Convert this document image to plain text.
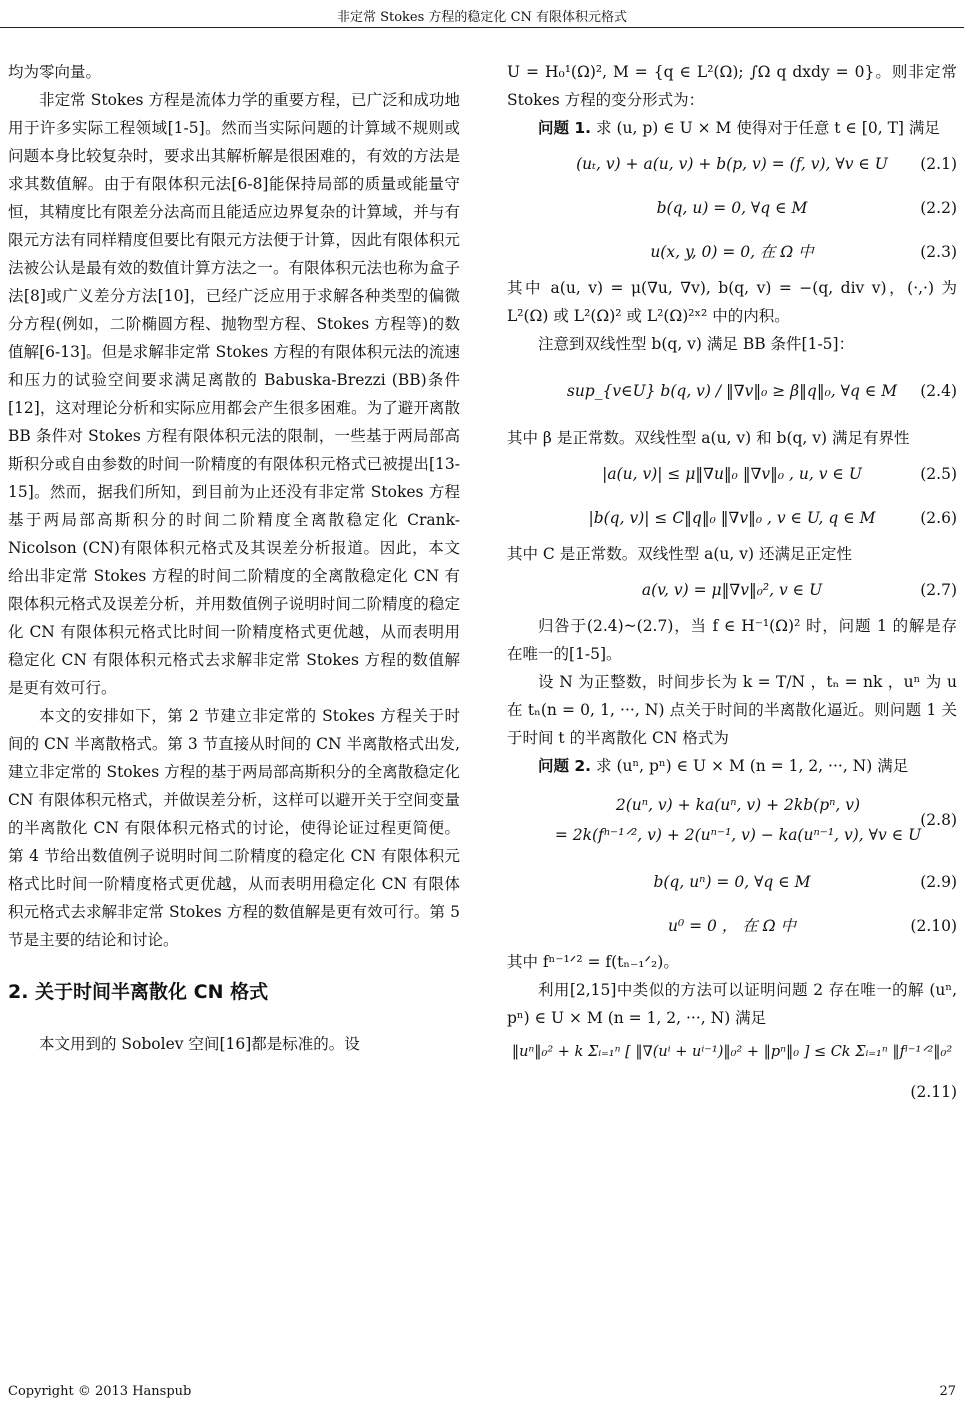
非定常 Stokes 方程的稳定化 CN 有限体积元格式

均为零向量。

非定常 Stokes 方程是流体力学的重要方程，已广泛和成功地用于许多实际工程领域[1-5]。然而当实际问题的计算域不规则或问题本身比较复杂时，要求出其解析解是很困难的，有效的方法是求其数值解。由于有限体积元法[6-8]能保持局部的质量或能量守恒，其精度比有限差分法高而且能适应边界复杂的计算域，并与有限元方法有同样精度但要比有限元方法便于计算，因此有限体积元法被公认是最有效的数值计算方法之一。有限体积元法也称为盒子法[8]或广义差分方法[10]，已经广泛应用于求解各种类型的偏微分方程(例如，二阶椭圆方程、抛物型方程、Stokes 方程等)的数值解[6-13]。但是求解非定常 Stokes 方程的有限体积元法的流速和压力的试验空间要求满足离散的 Babuska-Brezzi (BB)条件[12]，这对理论分析和实际应用都会产生很多困难。为了避开离散 BB 条件对 Stokes 方程有限体积元法的限制，一些基于两局部高斯积分或自由参数的时间一阶精度的有限体积元格式已被提出[13-15]。然而，据我们所知，到目前为止还没有非定常 Stokes 方程基于两局部高斯积分的时间二阶精度全离散稳定化 Crank-Nicolson (CN)有限体积元格式及其误差分析报道。因此，本文给出非定常 Stokes 方程的时间二阶精度的全离散稳定化 CN 有限体积元格式及误差分析，并用数值例子说明时间二阶精度的稳定化 CN 有限体积元格式比时间一阶精度格式更优越，从而表明用稳定化 CN 有限体积元格式去求解非定常 Stokes 方程的数值解是更有效可行。

本文的安排如下，第 2 节建立非定常的 Stokes 方程关于时间的 CN 半离散格式。第 3 节直接从时间的 CN 半离散格式出发, 建立非定常的 Stokes 方程的基于两局部高斯积分的全离散稳定化 CN 有限体积元格式，并做误差分析，这样可以避开关于空间变量的半离散化 CN 有限体积元格式的讨论，使得论证过程更简便。第 4 节给出数值例子说明时间二阶精度的稳定化 CN 有限体积元格式比时间一阶精度格式更优越，从而表明用稳定化 CN 有限体积元格式去求解非定常 Stokes 方程的数值解是更有效可行。第 5 节是主要的结论和讨论。

2. 关于时间半离散化 CN 格式

本文用到的 Sobolev 空间[16]都是标准的。设

U = H₀¹(Ω)², M = {q ∈ L²(Ω); ∫Ω q dxdy = 0}。则非定常 Stokes 方程的变分形式为：

问题 1. 求 (u, p) ∈ U × M 使得对于任意 t ∈ [0, T] 满足

(uₜ, v) + a(u, v) + b(p, v) = (f, v), ∀v ∈ U	(2.1)
b(q, u) = 0, ∀q ∈ M	(2.2)
u(x, y, 0) = 0, 在 Ω 中	(2.3)

其中 a(u, v) = μ(∇u, ∇v), b(q, v) = −(q, div v)，(·,·) 为 L²(Ω) 或 L²(Ω)² 或 L²(Ω)²ˣ² 中的内积。

注意到双线性型 b(q, v) 满足 BB 条件[1-5]：

sup_{v∈U} b(q, v) / ‖∇v‖₀ ≥ β‖q‖₀, ∀q ∈ M	(2.4)

其中 β 是正常数。双线性型 a(u, v) 和 b(q, v) 满足有界性

|a(u, v)| ≤ μ‖∇u‖₀ ‖∇v‖₀ , u, v ∈ U	(2.5)
|b(q, v)| ≤ C‖q‖₀ ‖∇v‖₀ , v ∈ U, q ∈ M	(2.6)

其中 C 是正常数。双线性型 a(u, v) 还满足正定性

a(v, v) = μ‖∇v‖₀², v ∈ U	(2.7)

归咎于(2.4)~(2.7)，当 f ∈ H⁻¹(Ω)² 时，问题 1 的解是存在唯一的[1-5]。

设 N 为正整数，时间步长为 k = T/N ，tₙ = nk ，uⁿ 为 u 在 tₙ(n = 0, 1, ···, N) 点关于时间的半离散化逼近。则问题 1 关于时间 t 的半离散化 CN 格式为

问题 2. 求 (uⁿ, pⁿ) ∈ U × M (n = 1, 2, ···, N) 满足

2(uⁿ, v) + ka(uⁿ, v) + 2kb(pⁿ, v)
= 2k(fⁿ⁻¹ᐟ², v) + 2(uⁿ⁻¹, v) − ka(uⁿ⁻¹, v), ∀v ∈ U
(2.8)
b(q, uⁿ) = 0, ∀q ∈ M	(2.9)
u⁰ = 0 ， 在 Ω 中	(2.10)

其中 fⁿ⁻¹ᐟ² = f(tₙ₋₁ᐟ₂)。

利用[2,15]中类似的方法可以证明问题 2 存在唯一的解 (uⁿ, pⁿ) ∈ U × M (n = 1, 2, ···, N) 满足

‖uⁿ‖₀² + k Σᵢ₌₁ⁿ [ ‖∇(uⁱ + uⁱ⁻¹)‖₀² + ‖pⁿ‖₀ ] ≤ Ck Σᵢ₌₁ⁿ ‖fⁱ⁻¹ᐟ²‖₀²
(2.11)
Copyright © 2013 Hanspub	27
